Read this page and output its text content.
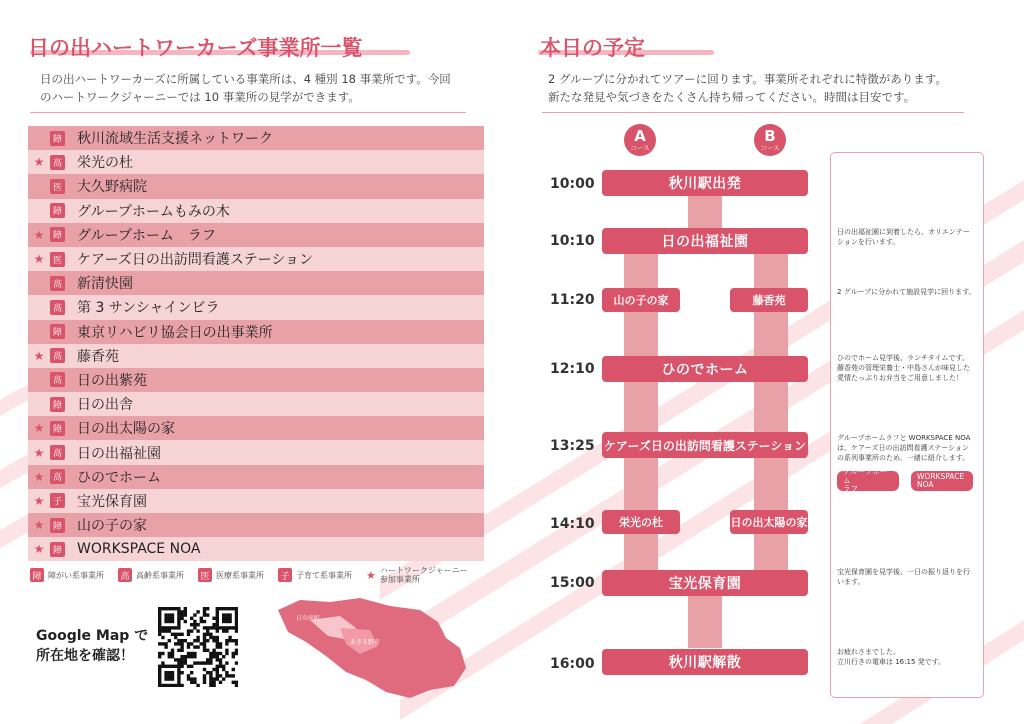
日の出ハートワーカーズ事業所一覧

日の出ハートワーカーズに所属している事業所は、4 種別 18 事業所です。今回
のハートワークジャーニーでは 10 事業所の見学ができます。

障 秋川流域生活支援ネットワーク
★ 高 栄光の杜
医 大久野病院
障 グループホームもみの木
★ 障 グループホーム　ラフ
★ 医 ケアーズ日の出訪問看護ステーション
高 新清快園
高 第 3 サンシャインビラ
障 東京リハビリ協会日の出事業所
★ 高 藤香苑
高 日の出紫苑
障 日の出舎
★ 障 日の出太陽の家
★ 高 日の出福祉園
★ 高 ひのでホーム
★ 子 宝光保育園
★ 障 山の子の家
★ 障 WORKSPACE NOA
障 障がい系事業所 高 高齢系事業所 医 医療系事業所 子 子育て系事業所 ★ ハートワークジャーニー
参加事業所
Google Map で
所在地を確認！
日の出町
あきる野市
本日の予定

2 グループに分かれてツアーに回ります。事業所それぞれに特徴があります。
新たな発見や気づきをたくさん持ち帰ってください。時間は目安です。

A
コース
B
コース
10:00
10:10
11:20
12:10
13:25
14:10
15:00
16:00
秋川駅出発
日の出福祉園
山の子の家	藤香苑
ひのでホーム
ケアーズ日の出訪問看護ステーション
栄光の杜	日の出太陽の家
宝光保育園
秋川駅解散
日の出福祉園に到着したら、オリエンテー
ションを行います。
2 グループに分かれて施設見学に回ります。
ひのでホーム見学後、ランチタイムです。
藤香苑の管理栄養士・中島さんが味見した
愛情たっぷりお弁当をご用意しました！
グループホームラフと WORKSPACE NOA
は、ケアーズ日の出訪問看護ステーション
の系列事業所のため、一緒に紹介します。
グループホーム
ラフ
WORKSPACE
NOA
宝光保育園を見学後、一日の振り返りを行
います。
お疲れさまでした。
立川行きの電車は 16:15 発です。
